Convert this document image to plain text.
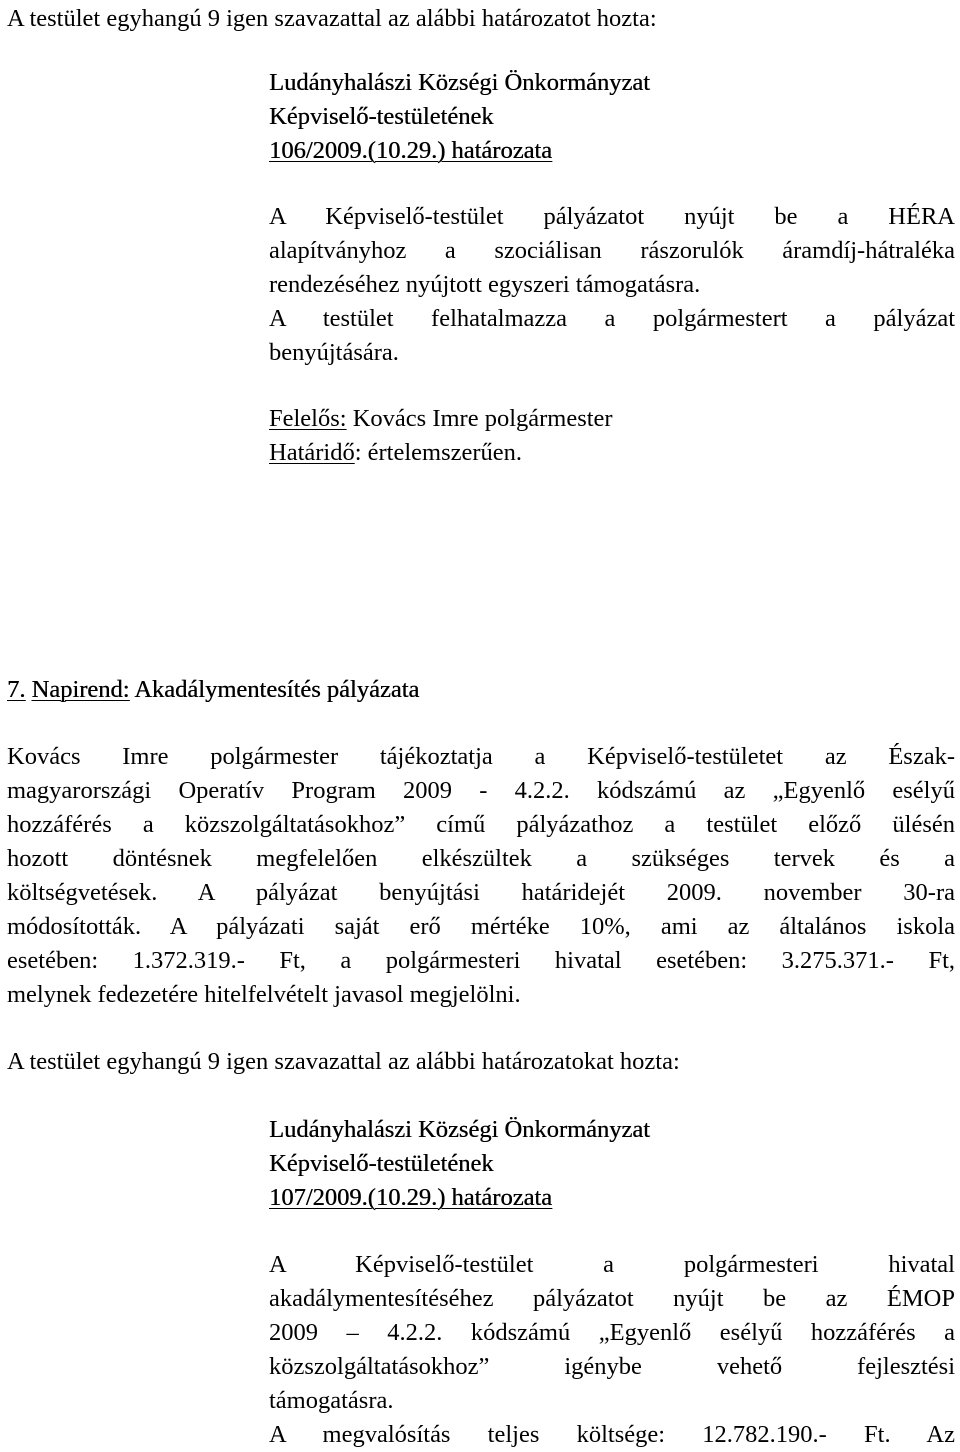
A testület egyhangú 9 igen szavazattal az alábbi határozatot hozta:
Ludányhalászi Községi Önkormányzat
Képviselő-testületének
106/2009.(10.29.) határozata
A Képviselő-testület pályázatot nyújt be a HÉRA
alapítványhoz a szociálisan rászorulók áramdíj-hátraléka
rendezéséhez nyújtott egyszeri támogatásra.
A testület felhatalmazza a polgármestert a pályázat
benyújtására.
Felelős: Kovács Imre polgármester
Határidő: értelemszerűen.
7. Napirend: Akadálymentesítés pályázata
Kovács Imre polgármester tájékoztatja a Képviselő-testületet az Észak-
magyarországi Operatív Program 2009 - 4.2.2. kódszámú az „Egyenlő esélyű
hozzáférés a közszolgáltatásokhoz” című pályázathoz a testület előző ülésén
hozott döntésnek megfelelően elkészültek a szükséges tervek és a
költségvetések. A pályázat benyújtási határidejét 2009. november 30-ra
módosították. A pályázati saját erő mértéke 10%, ami az általános iskola
esetében: 1.372.319.- Ft, a polgármesteri hivatal esetében: 3.275.371.- Ft,
melynek fedezetére hitelfelvételt javasol megjelölni.
A testület egyhangú 9 igen szavazattal az alábbi határozatokat hozta:
Ludányhalászi Községi Önkormányzat
Képviselő-testületének
107/2009.(10.29.) határozata
A Képviselő-testület a polgármesteri hivatal
akadálymentesítéséhez pályázatot nyújt be az ÉMOP
2009 – 4.2.2. kódszámú „Egyenlő esélyű hozzáférés a
közszolgáltatásokhoz” igénybe vehető fejlesztési
támogatásra.
A megvalósítás teljes költsége: 12.782.190.- Ft. Az
